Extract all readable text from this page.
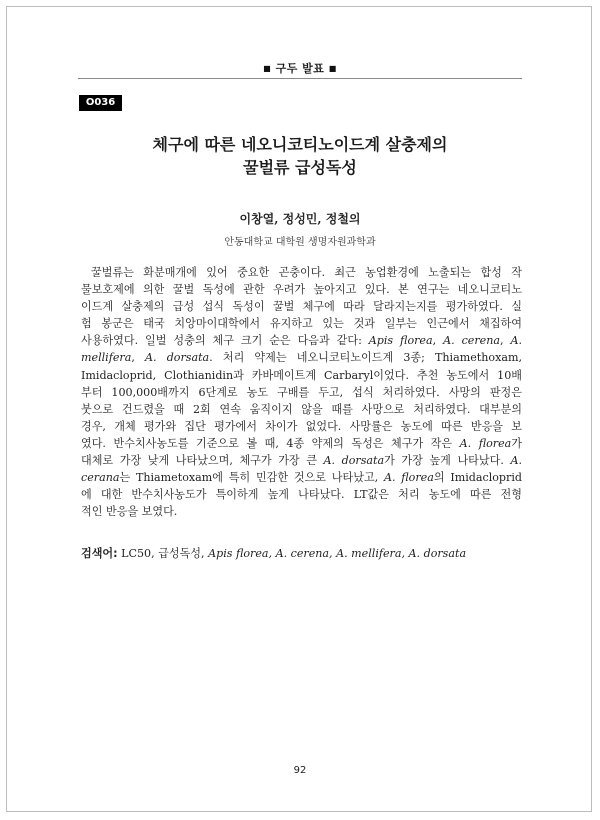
■ 구두 발표 ■
O036
체구에 따른 네오니코티노이드계 살충제의
꿀벌류 급성독성
이창열, 정성민, 정철의
안동대학교 대학원 생명자원과학과
꿀벌류는 화분매개에 있어 중요한 곤충이다. 최근 농업환경에 노출되는 합성 작
물보호제에 의한 꿀벌 독성에 관한 우려가 높아지고 있다. 본 연구는 네오니코티노
이드계 살충제의 급성 섭식 독성이 꿀벌 체구에 따라 달라지는지를 평가하였다. 실
험 봉군은 태국 치앙마이대학에서 유지하고 있는 것과 일부는 인근에서 채집하여
사용하였다. 일벌 성충의 체구 크기 순은 다음과 같다: Apis florea, A. cerena, A.
mellifera, A. dorsata. 처리 약제는 네오니코티노이드계 3종; Thiamethoxam,
Imidacloprid, Clothianidin과 카바메이트계 Carbaryl이었다. 추천 농도에서 10배
부터 100,000배까지 6단계로 농도 구배를 두고, 섭식 처리하였다. 사망의 판정은
붓으로 건드렸을 때 2회 연속 움직이지 않을 때를 사망으로 처리하였다. 대부분의
경우, 개체 평가와 집단 평가에서 차이가 없었다. 사망률은 농도에 따른 반응을 보
였다. 반수치사농도를 기준으로 볼 때, 4종 약제의 독성은 체구가 작은 A. florea가
대체로 가장 낮게 나타났으며, 체구가 가장 큰 A. dorsata가 가장 높게 나타났다. A.
cerana는 Thiametoxam에 특히 민감한 것으로 나타났고, A. florea의 Imidacloprid
에 대한 반수치사농도가 특이하게 높게 나타났다. LT값은 처리 농도에 따른 전형
적인 반응을 보였다.
검색어: LC50, 급성독성, Apis florea, A. cerena, A. mellifera, A. dorsata
92
